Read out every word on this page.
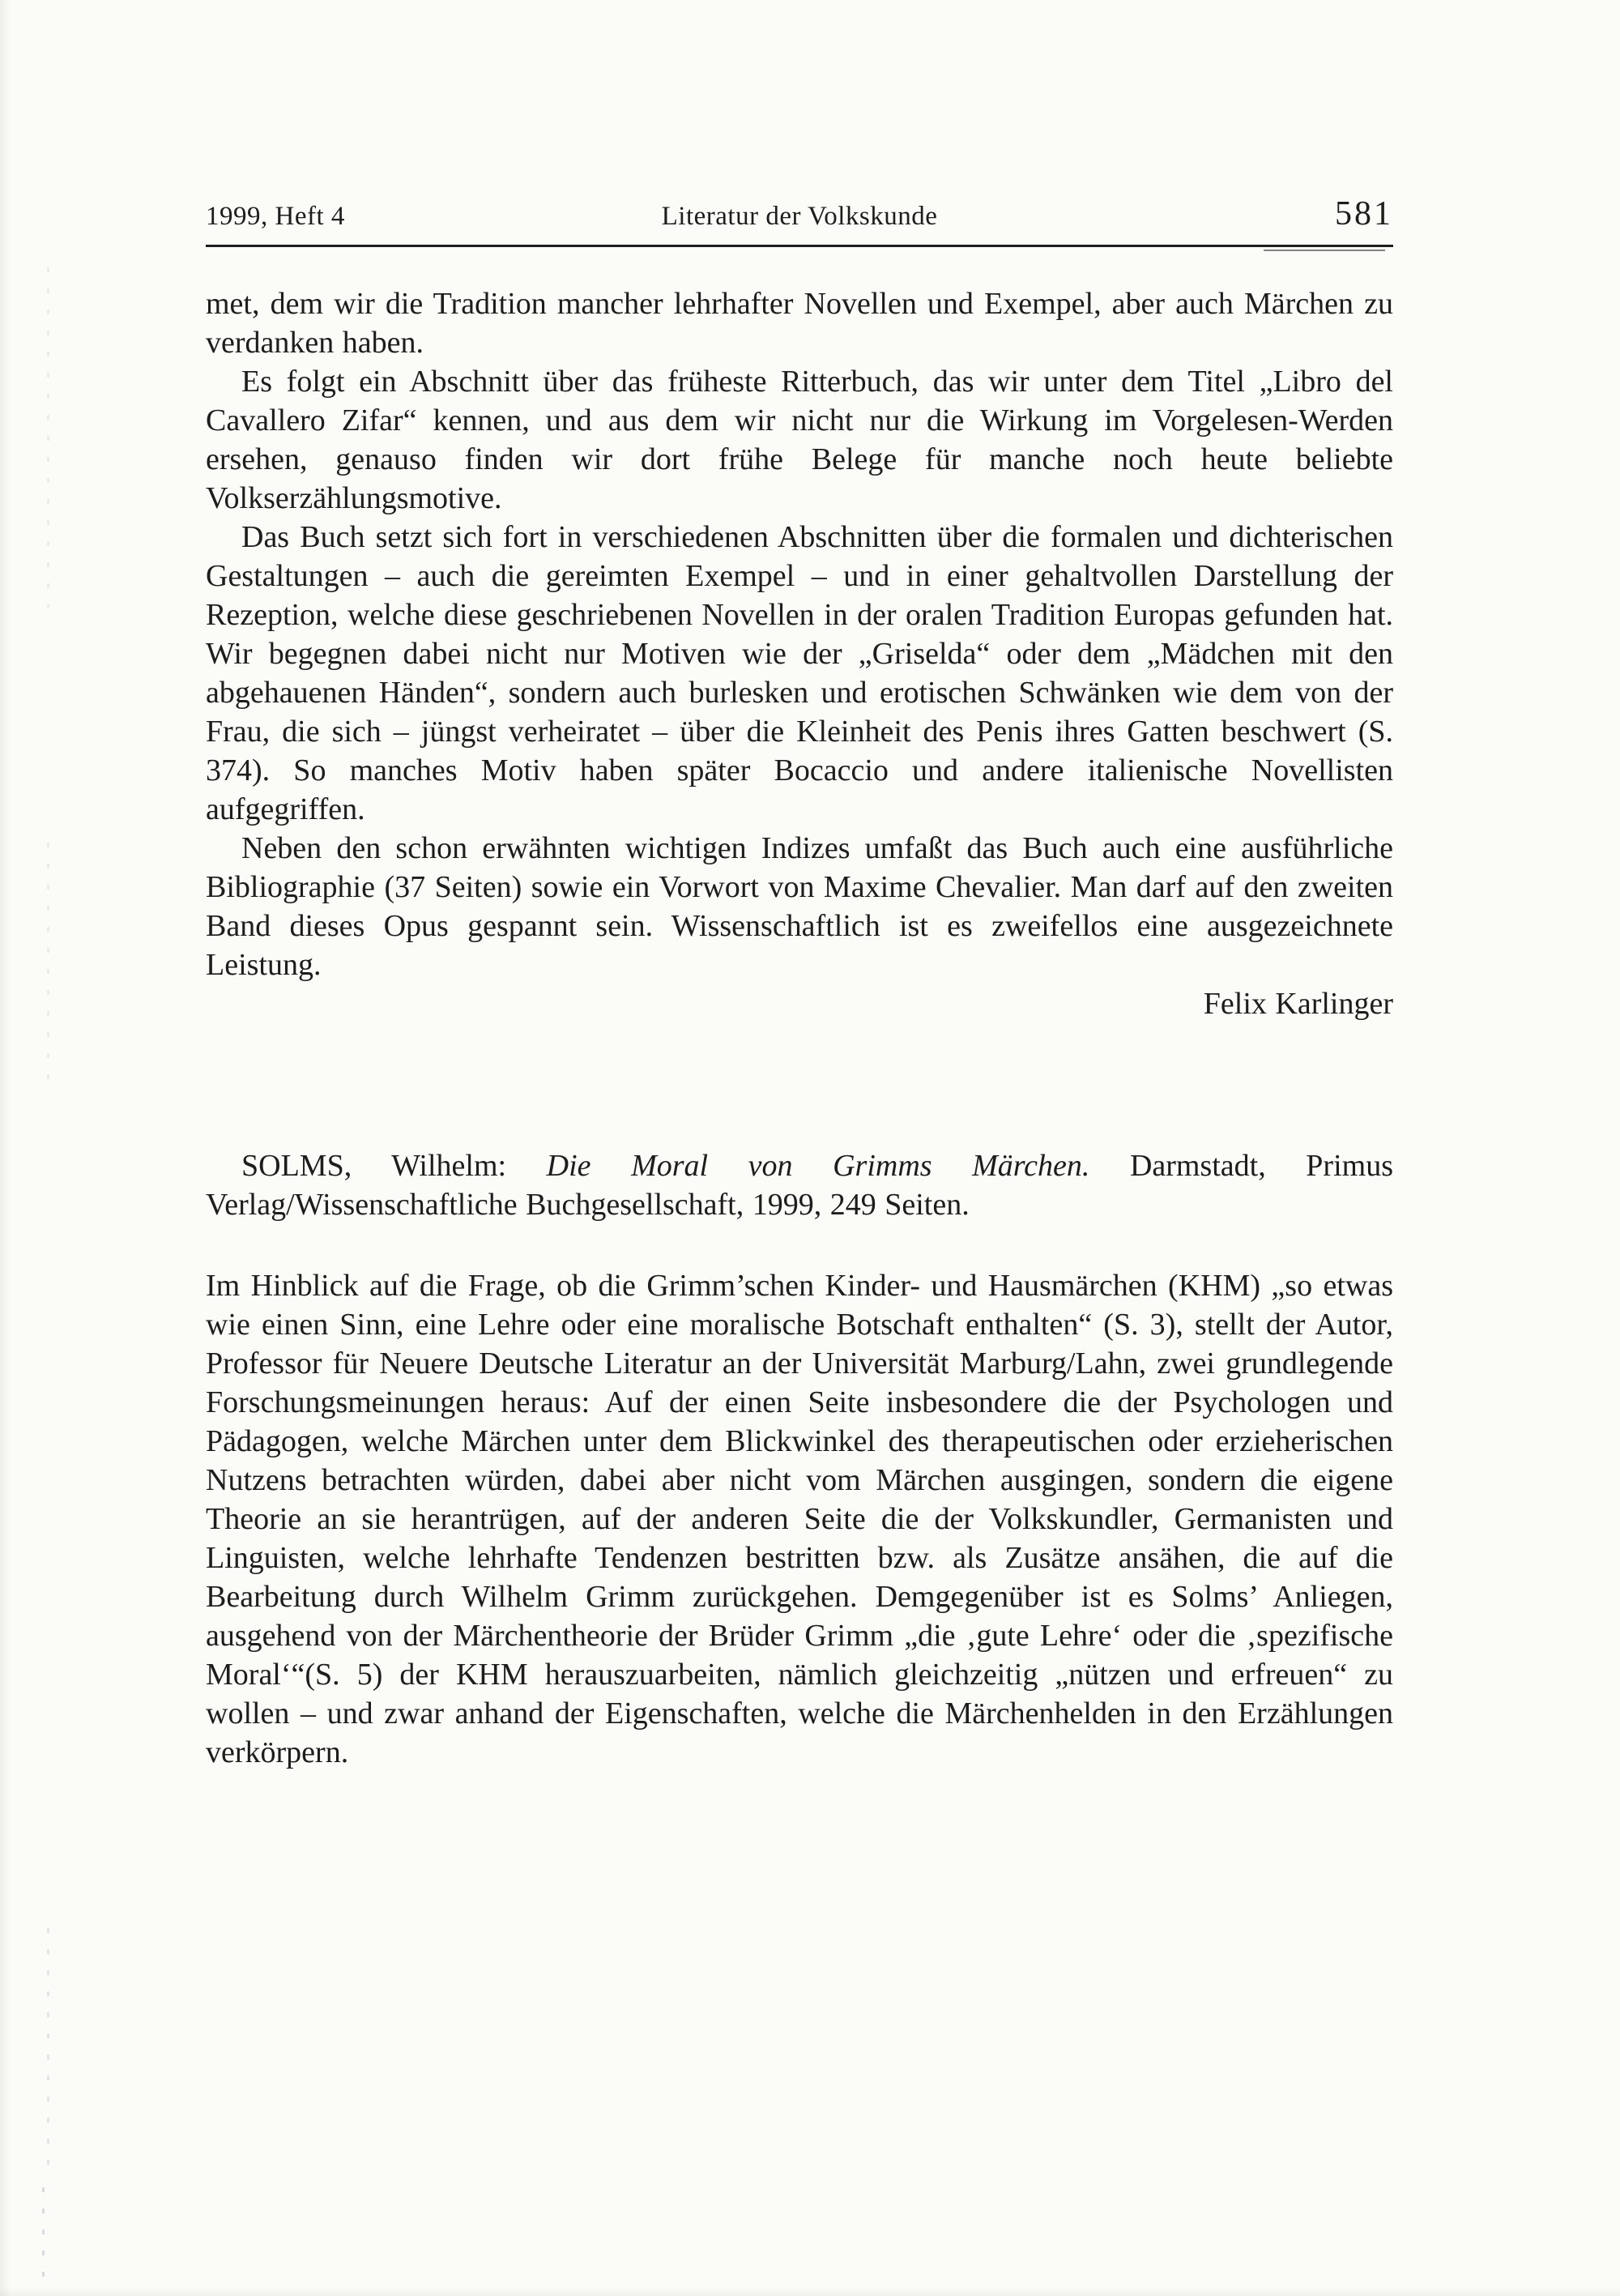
1999, Heft 4	Literatur der Volkskunde	581

met, dem wir die Tradition mancher lehrhafter Novellen und Exempel, aber auch Märchen zu verdanken haben.

Es folgt ein Abschnitt über das früheste Ritterbuch, das wir unter dem Titel „Libro del Cavallero Zifar“ kennen, und aus dem wir nicht nur die Wirkung im Vorgelesen-Werden ersehen, genauso finden wir dort frühe Belege für manche noch heute beliebte Volkserzählungsmotive.

Das Buch setzt sich fort in verschiedenen Abschnitten über die formalen und dichterischen Gestaltungen – auch die gereimten Exempel – und in einer gehaltvollen Darstellung der Rezeption, welche diese geschriebenen Novellen in der oralen Tradition Europas gefunden hat. Wir begegnen dabei nicht nur Motiven wie der „Griselda“ oder dem „Mädchen mit den abgehauenen Händen“, sondern auch burlesken und erotischen Schwänken wie dem von der Frau, die sich – jüngst verheiratet – über die Kleinheit des Penis ihres Gatten beschwert (S. 374). So manches Motiv haben später Bocaccio und andere italienische Novellisten aufgegriffen.

Neben den schon erwähnten wichtigen Indizes umfaßt das Buch auch eine ausführliche Bibliographie (37 Seiten) sowie ein Vorwort von Maxime Chevalier. Man darf auf den zweiten Band dieses Opus gespannt sein. Wissenschaftlich ist es zweifellos eine ausgezeichnete Leistung.

Felix Karlinger

SOLMS, Wilhelm: Die Moral von Grimms Märchen. Darmstadt, Primus Verlag/Wissenschaftliche Buchgesellschaft, 1999, 249 Seiten.

Im Hinblick auf die Frage, ob die Grimm’schen Kinder- und Hausmärchen (KHM) „so etwas wie einen Sinn, eine Lehre oder eine moralische Botschaft enthalten“ (S. 3), stellt der Autor, Professor für Neuere Deutsche Literatur an der Universität Marburg/Lahn, zwei grundlegende Forschungsmeinungen heraus: Auf der einen Seite insbesondere die der Psychologen und Pädagogen, welche Märchen unter dem Blickwinkel des therapeutischen oder erzieherischen Nutzens betrachten würden, dabei aber nicht vom Märchen ausgingen, sondern die eigene Theorie an sie herantrügen, auf der anderen Seite die der Volkskundler, Germanisten und Linguisten, welche lehrhafte Tendenzen bestritten bzw. als Zusätze ansähen, die auf die Bearbeitung durch Wilhelm Grimm zurückgehen. Demgegenüber ist es Solms’ Anliegen, ausgehend von der Märchentheorie der Brüder Grimm „die ‚gute Lehre‘ oder die ‚spezifische Moral‘“(S. 5) der KHM herauszuarbeiten, nämlich gleichzeitig „nützen und erfreuen“ zu wollen – und zwar anhand der Eigenschaften, welche die Märchenhelden in den Erzählungen verkörpern.
